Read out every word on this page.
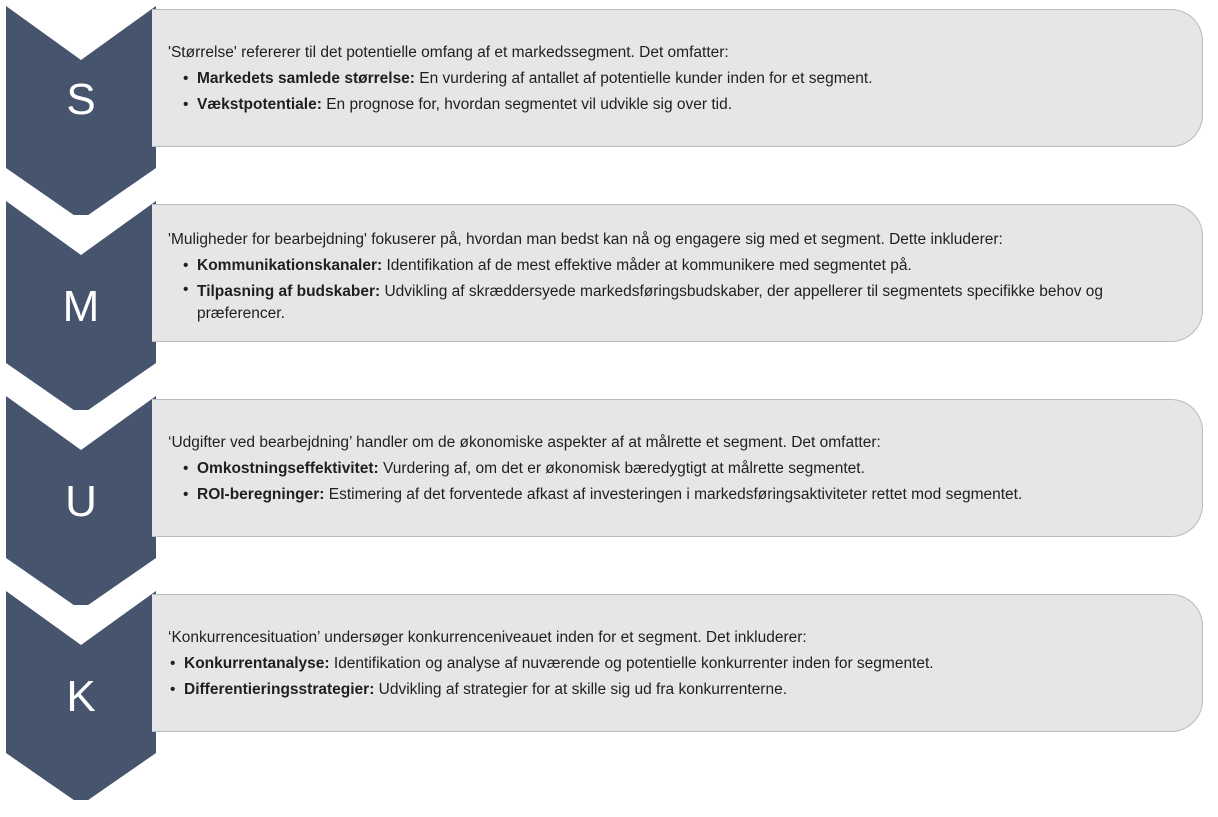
S

'Størrelse' refererer til det potentielle omfang af et markedssegment. Det omfatter:

• Markedets samlede størrelse: En vurdering af antallet af potentielle kunder inden for et segment.
• Vækstpotentiale: En prognose for, hvordan segmentet vil udvikle sig over tid.
M

'Muligheder for bearbejdning' fokuserer på, hvordan man bedst kan nå og engagere sig med et segment. Dette inkluderer:

• Kommunikationskanaler: Identifikation af de mest effektive måder at kommunikere med segmentet på.
• Tilpasning af budskaber: Udvikling af skræddersyede markedsføringsbudskaber, der appellerer til segmentets specifikke behov og præferencer.
U

‘Udgifter ved bearbejdning’ handler om de økonomiske aspekter af at målrette et segment. Det omfatter:

• Omkostningseffektivitet: Vurdering af, om det er økonomisk bæredygtigt at målrette segmentet.
• ROI-beregninger: Estimering af det forventede afkast af investeringen i markedsføringsaktiviteter rettet mod segmentet.
K

‘Konkurrencesituation’ undersøger konkurrenceniveauet inden for et segment. Det inkluderer:

• Konkurrentanalyse: Identifikation og analyse af nuværende og potentielle konkurrenter inden for segmentet.
• Differentieringsstrategier: Udvikling af strategier for at skille sig ud fra konkurrenterne.
